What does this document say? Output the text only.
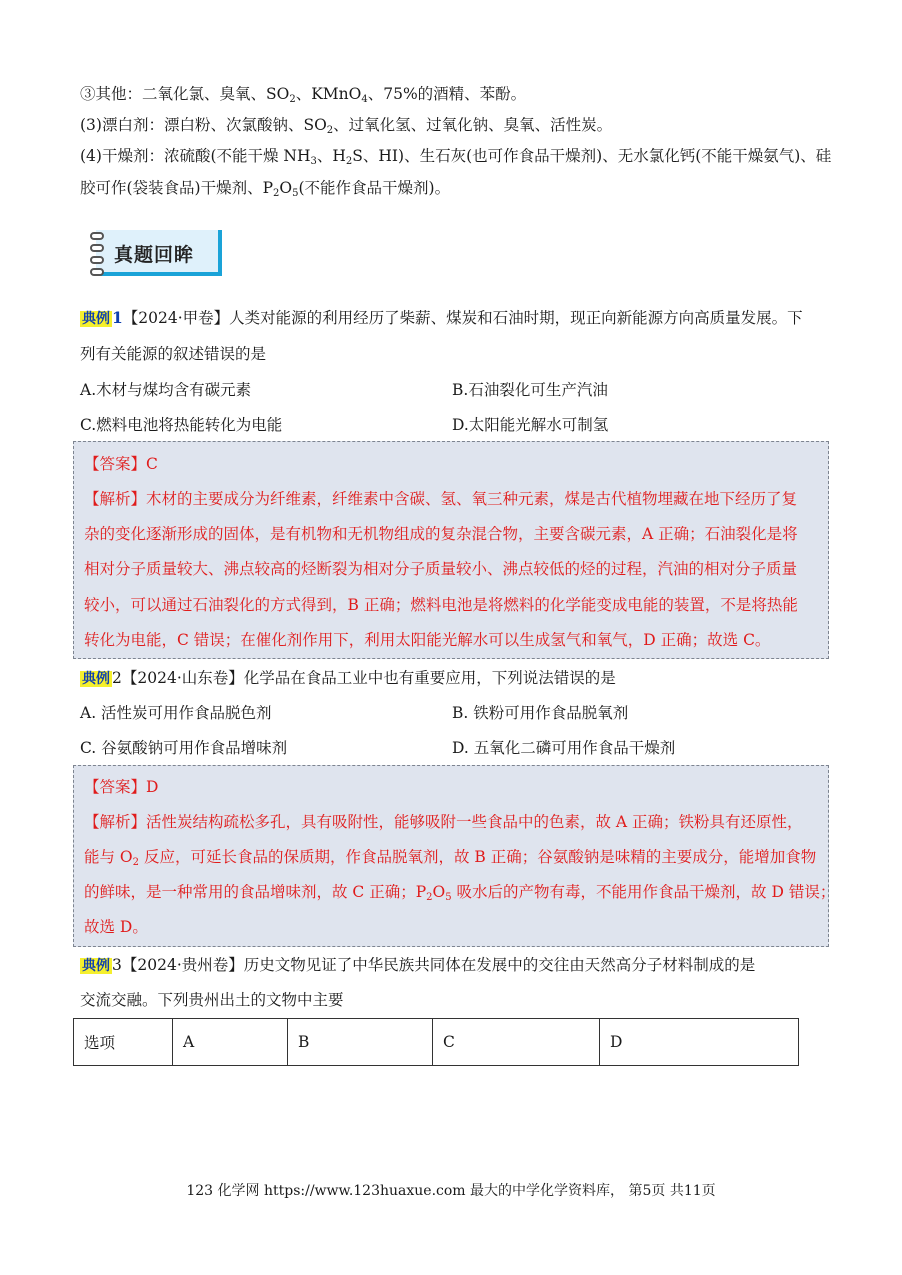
③其他：二氧化氯、臭氧、$SO_2$、KMnO$_4$、75%的酒精、苯酚。
(3)漂白剂：漂白粉、次氯酸钠、$SO_2$、过氧化氢、过氧化钠、臭氧、活性炭。
(4)干燥剂：浓硫酸(不能干燥 $NH_3$、$H_2S$、HI)、生石灰(也可作食品干燥剂)、无水氯化钙(不能干燥氨气)、硅
胶可作(袋装食品)干燥剂、$P_2O_5$(不能作食品干燥剂)。
真题回眸
典例 1【2024·甲卷】人类对能源的利用经历了柴薪、煤炭和石油时期，现正向新能源方向高质量发展。下
列有关能源的叙述错误的是
A.木材与煤均含有碳元素	B.石油裂化可生产汽油
C.燃料电池将热能转化为电能	D.太阳能光解水可制氢
【答案】C
【解析】木材的主要成分为纤维素，纤维素中含碳、氢、氧三种元素，煤是古代植物埋藏在地下经历了复
杂的变化逐渐形成的固体，是有机物和无机物组成的复杂混合物，主要含碳元素，A 正确；石油裂化是将
相对分子质量较大、沸点较高的烃断裂为相对分子质量较小、沸点较低的烃的过程，汽油的相对分子质量
较小，可以通过石油裂化的方式得到，B 正确；燃料电池是将燃料的化学能变成电能的装置，不是将热能
转化为电能，C 错误；在催化剂作用下，利用太阳能光解水可以生成氢气和氧气，D 正确；故选 C。
典例 2【2024·山东卷】化学品在食品工业中也有重要应用，下列说法错误的是
A. 活性炭可用作食品脱色剂	B. 铁粉可用作食品脱氧剂
C. 谷氨酸钠可用作食品增味剂	D. 五氧化二磷可用作食品干燥剂
【答案】D
【解析】活性炭结构疏松多孔，具有吸附性，能够吸附一些食品中的色素，故 A 正确；铁粉具有还原性，
能与 $O_2$ 反应，可延长食品的保质期，作食品脱氧剂，故 B 正确；谷氨酸钠是味精的主要成分，能增加食物
的鲜味，是一种常用的食品增味剂，故 C 正确；$P_2O_5$ 吸水后的产物有毒，不能用作食品干燥剂，故 D 错误；
故选 D。
典例 3【2024·贵州卷】历史文物见证了中华民族共同体在发展中的交往由天然高分子材料制成的是
交流交融。下列贵州出土的文物中主要
选项	A	B	C	D
123 化学网 https://www.123huaxue.com 最大的中学化学资料库， 第5页 共11页
